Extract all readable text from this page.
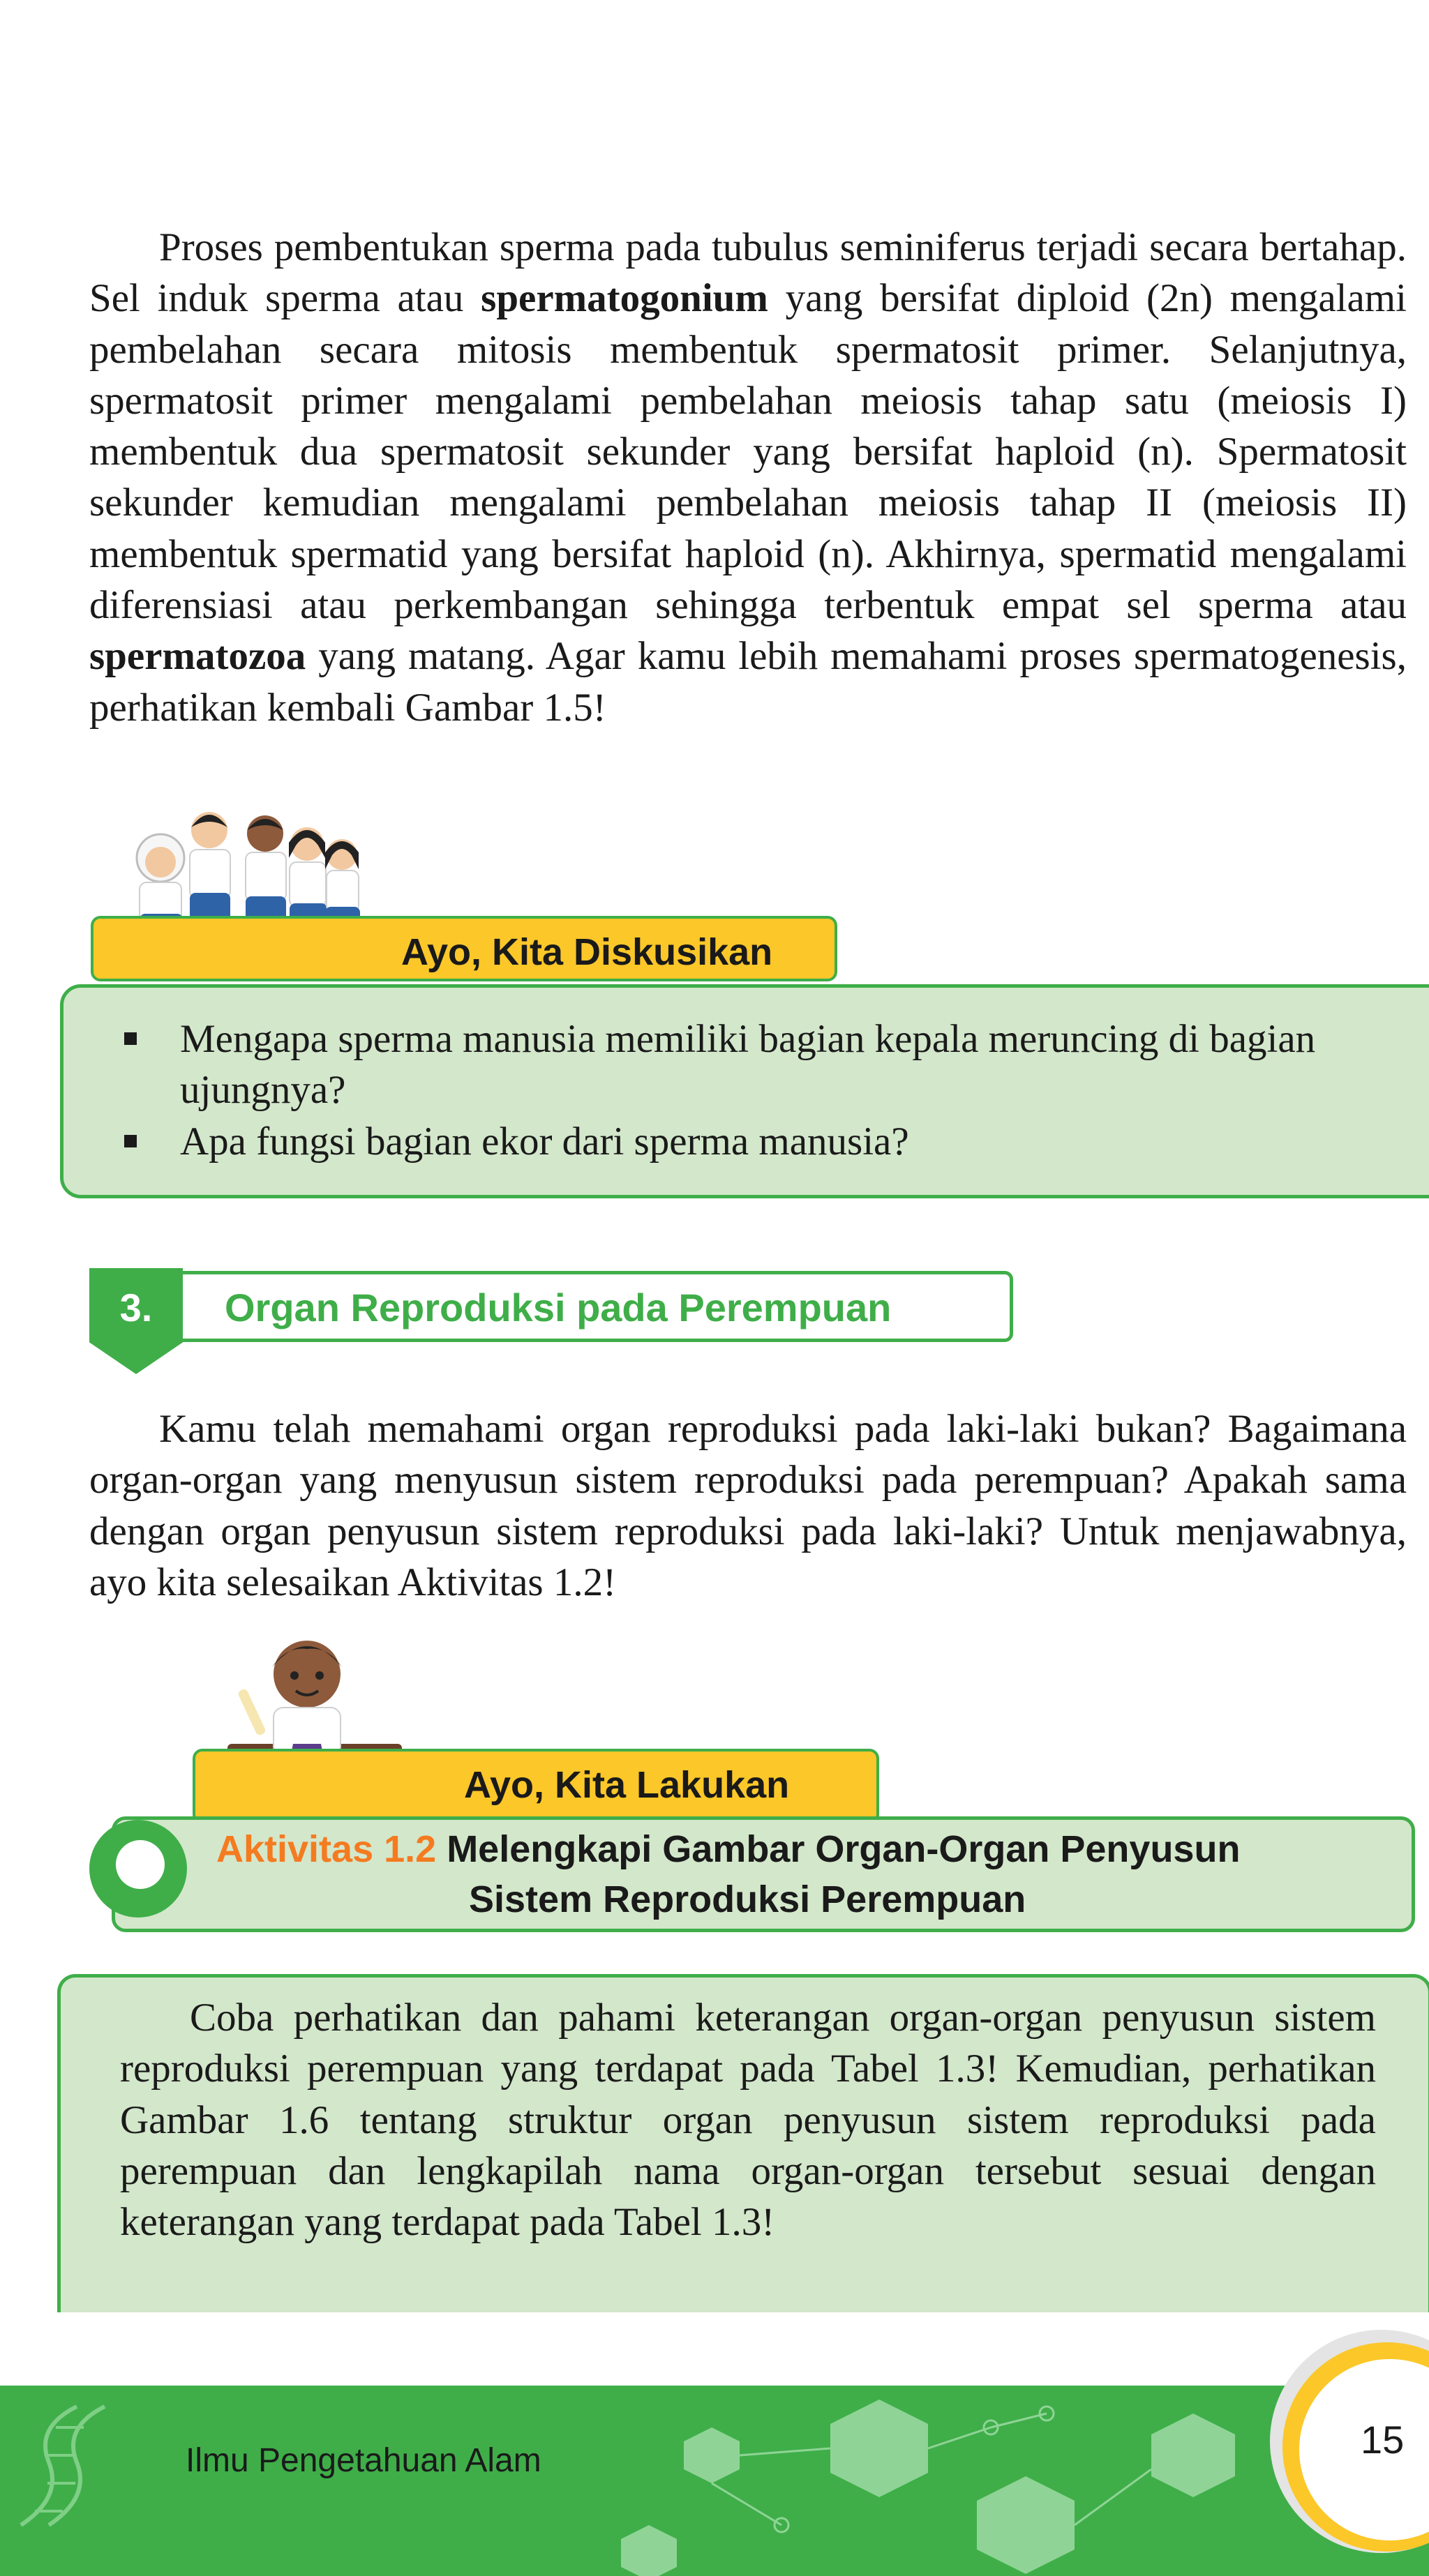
Proses pembentukan sperma pada tubulus seminiferus terjadi secara bertahap. Sel induk sperma atau spermatogonium yang bersifat diploid (2n) mengalami pembelahan secara mitosis membentuk spermatosit primer. Selanjutnya, spermatosit primer mengalami pembelahan meiosis tahap satu (meiosis I) membentuk dua spermatosit sekunder yang bersifat haploid (n). Spermatosit sekunder kemudian mengalami pembelahan meiosis tahap II (meiosis II) membentuk spermatid yang bersifat haploid (n). Akhirnya, spermatid mengalami diferensiasi atau perkembangan sehingga terbentuk empat sel sperma atau spermatozoa yang matang. Agar kamu lebih memahami proses spermatogenesis, perhatikan kembali Gambar 1.5!
Ayo, Kita Diskusikan
Mengapa sperma manusia memiliki bagian kepala meruncing di bagian ujungnya?
Apa fungsi bagian ekor dari sperma manusia?
3.	Organ Reproduksi pada Perempuan
Kamu telah memahami organ reproduksi pada laki-laki bukan? Bagaimana organ-organ yang menyusun sistem reproduksi pada perempuan? Apakah sama dengan organ penyusun sistem reproduksi pada laki-laki? Untuk menjawabnya, ayo kita selesaikan Aktivitas 1.2!
Ayo, Kita Lakukan
Aktivitas 1.2 Melengkapi Gambar Organ-Organ Penyusun
Sistem Reproduksi Perempuan
Coba perhatikan dan pahami keterangan organ-organ penyusun sistem reproduksi perempuan yang terdapat pada Tabel 1.3! Kemudian, perhatikan Gambar 1.6 tentang struktur organ penyusun sistem reproduksi pada perempuan dan lengkapilah nama organ-organ tersebut sesuai dengan keterangan yang terdapat pada Tabel 1.3!
Ilmu Pengetahuan Alam	15
